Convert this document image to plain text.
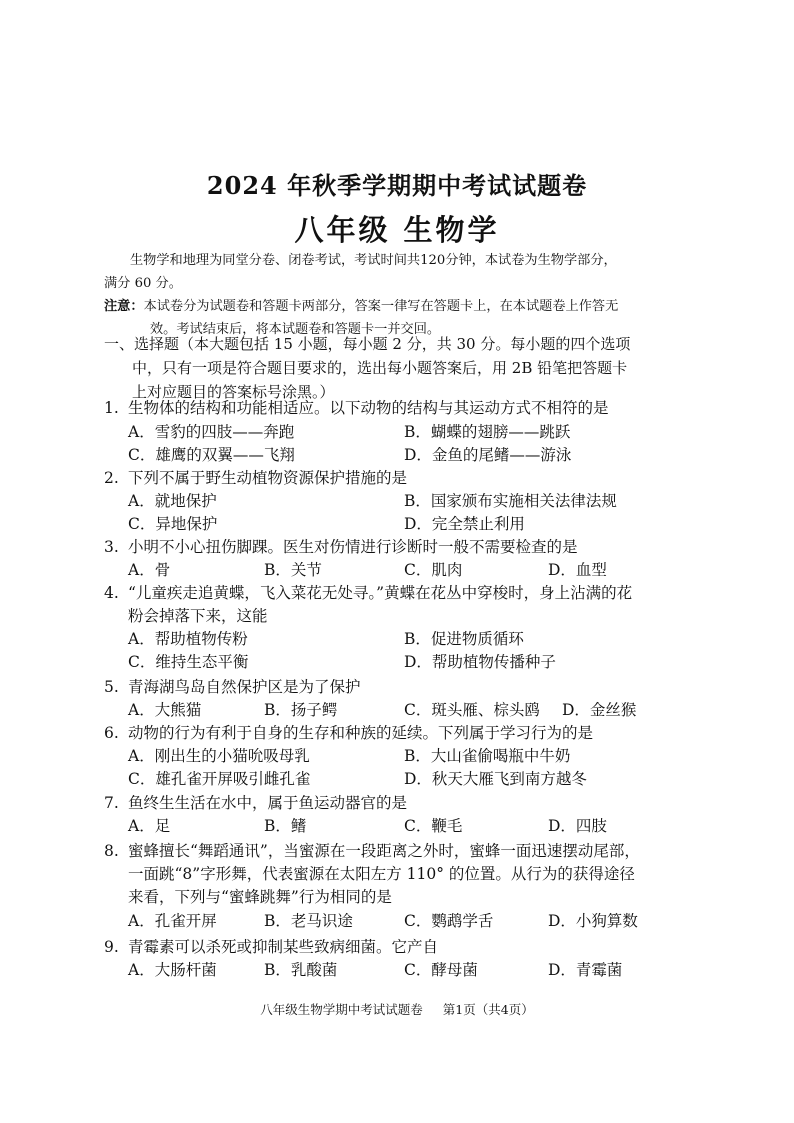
2024 年秋季学期期中考试试题卷
八年级 生物学
生物学和地理为同堂分卷、闭卷考试，考试时间共120分钟，本试卷为生物学部分，
满分 60 分。
注意：本试卷分为试题卷和答题卡两部分，答案一律写在答题卡上，在本试题卷上作答无
效。考试结束后，将本试题卷和答题卡一并交回。
一、选择题（本大题包括 15 小题，每小题 2 分，共 30 分。每小题的四个选项
中，只有一项是符合题目要求的，选出每小题答案后，用 2B 铅笔把答题卡
上对应题目的答案标号涂黑。）
1. 生物体的结构和功能相适应。以下动物的结构与其运动方式不相符的是
A．雪豹的四肢——奔跑	B．蝴蝶的翅膀——跳跃
C．雄鹰的双翼——飞翔	D．金鱼的尾鳍——游泳
2. 下列不属于野生动植物资源保护措施的是
A．就地保护	B．国家颁布实施相关法律法规
C．异地保护	D．完全禁止利用
3. 小明不小心扭伤脚踝。医生对伤情进行诊断时一般不需要检查的是
A．骨	B．关节	C．肌肉	D．血型
4. “儿童疾走追黄蝶，飞入菜花无处寻。”黄蝶在花丛中穿梭时，身上沾满的花
粉会掉落下来，这能
A．帮助植物传粉	B．促进物质循环
C．维持生态平衡	D．帮助植物传播种子
5. 青海湖鸟岛自然保护区是为了保护
A．大熊猫	B．扬子鳄	C．斑头雁、棕头鸥 D．金丝猴
6. 动物的行为有利于自身的生存和种族的延续。下列属于学习行为的是
A．刚出生的小猫吮吸母乳	B．大山雀偷喝瓶中牛奶
C．雄孔雀开屏吸引雌孔雀	D．秋天大雁飞到南方越冬
7. 鱼终生生活在水中，属于鱼运动器官的是
A．足	B．鳍	C．鞭毛	D．四肢
8. 蜜蜂擅长“舞蹈通讯”，当蜜源在一段距离之外时，蜜蜂一面迅速摆动尾部，
一面跳“8”字形舞，代表蜜源在太阳左方 110° 的位置。从行为的获得途径
来看，下列与“蜜蜂跳舞”行为相同的是
A．孔雀开屏	B．老马识途	C．鹦鹉学舌	D．小狗算数
9. 青霉素可以杀死或抑制某些致病细菌。它产自
A．大肠杆菌	B．乳酸菌	C．酵母菌	D．青霉菌
八年级生物学期中考试试题卷 第1页（共4页）
